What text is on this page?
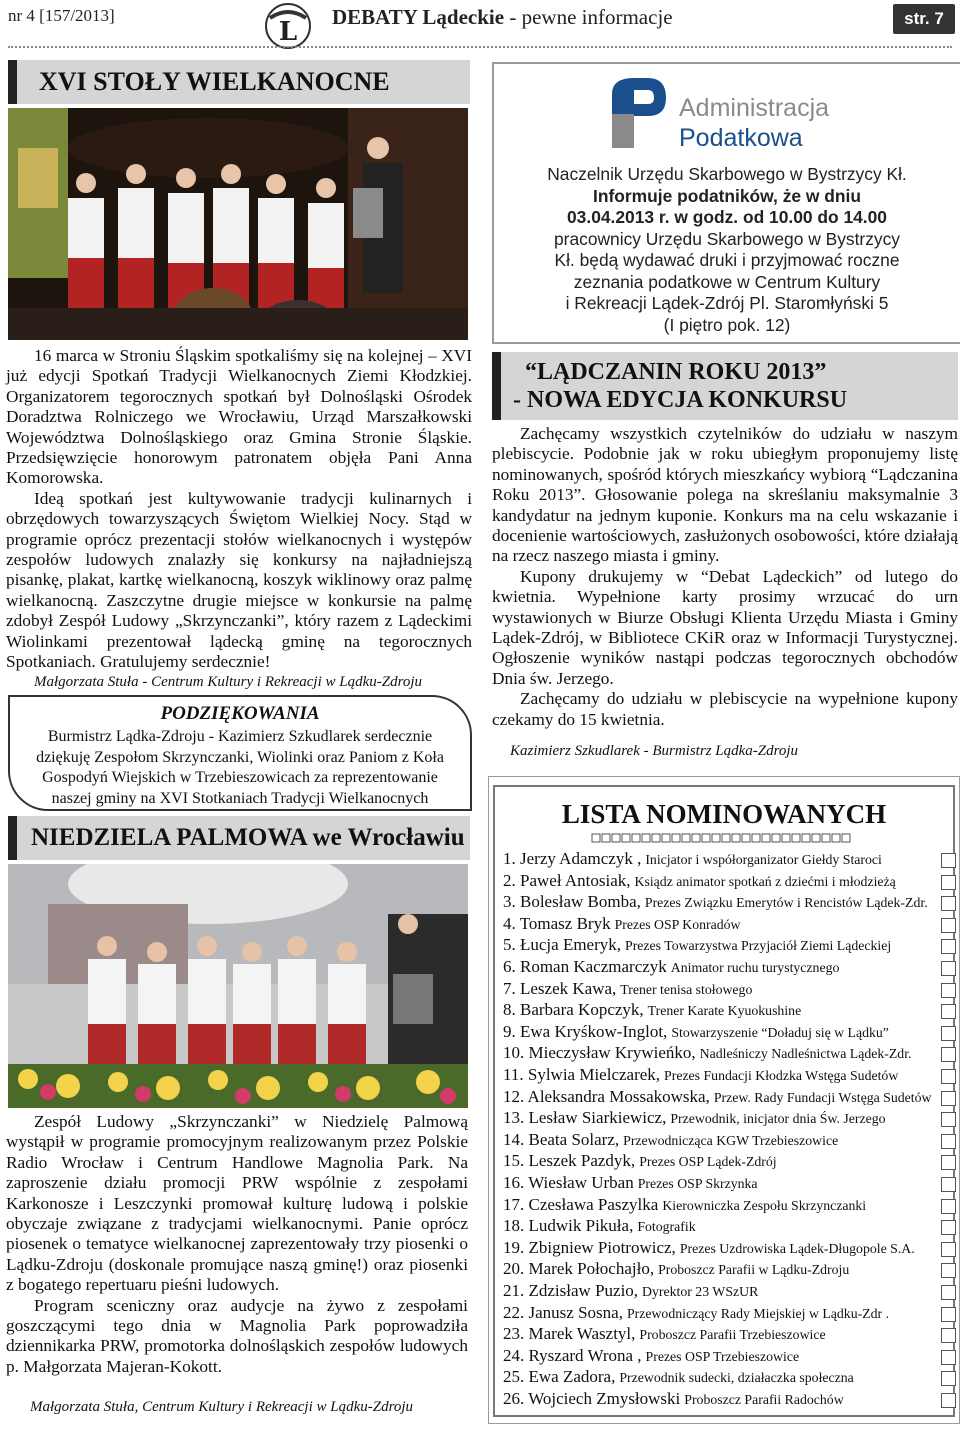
nr 4 [157/2013]
L DEBATY Lądeckie - pewne informacje	str. 7
XVI STOŁY WIELKANOCNE

16 marca w Stroniu Śląskim spotkaliśmy się na kolejnej – XVI już edycji Spotkań Tradycji Wielkanocnych Ziemi Kłodzkiej. Organizatorem tegorocznych spotkań był Dolnośląski Ośrodek Doradztwa Rolniczego we Wrocławiu, Urząd Marszałkowski Województwa Dolnośląskiego oraz Gmina Stronie Śląskie. Przedsięwzięcie honorowym patronatem objęła Pani Anna Komorowska.

Ideą spotkań jest kultywowanie tradycji kulinarnych i obrzędowych towarzyszących Świętom Wielkiej Nocy. Stąd w programie oprócz prezentacji stołów wielkanocnych i występów zespołów ludowych znalazły się konkursy na najładniejszą pisankę, plakat, kartkę wielkanocną, koszyk wiklinowy oraz palmę wielkanocną. Zaszczytne drugie miejsce w konkursie na palmę zdobył Zespół Ludowy „Skrzynczanki”, który razem z Lądeckimi Wiolinkami prezentował lądecką gminę na tegorocznych Spotkaniach. Gratulujemy serdecznie!

Małgorzata Stuła - Centrum Kultury i Rekreacji w Lądku-Zdroju
PODZIĘKOWANIA
Burmistrz Lądka-Zdroju - Kazimierz Szkudlarek serdecznie dziękuję Zespołom Skrzynczanki, Wiolinki oraz Paniom z Koła Gospodyń Wiejskich w Trzebieszowicach za reprezentowanie naszej gminy na XVI Stotkaniach Tradycji Wielkanocnych
NIEDZIELA PALMOWA we Wrocławiu

Zespół Ludowy „Skrzynczanki” w Niedzielę Palmową wystąpił w programie promocyjnym realizowanym przez Polskie Radio Wrocław i Centrum Handlowe Magnolia Park. Na zaproszenie działu promocji PRW wspólnie z zespołami Karkonosze i Leszczynki promował kulturę ludową i polskie obyczaje związane z tradycjami wielkanocnymi. Panie oprócz piosenek o tematyce wielkanocnej zaprezentowały trzy piosenki o Lądku-Zdroju (doskonale promujące naszą gminę!) oraz piosenki z bogatego repertuaru pieśni ludowych.

Program sceniczny oraz audycje na żywo z zespołami goszczącymi tego dnia w Magnolia Park poprowadziła dziennikarka PRW, promotorka dolnośląskich zespołów ludowych p. Małgorzata Majeran-Kokott.

Małgorzata Stuła, Centrum Kultury i Rekreacji w Lądku-Zdroju
Administracja
Podatkowa
Naczelnik Urzędu Skarbowego w Bystrzycy Kł.
Informuje podatników, że w dniu
03.04.2013 r. w godz. od 10.00 do 14.00
pracownicy Urzędu Skarbowego w Bystrzycy
Kł. będą wydawać druki i przyjmować roczne
zeznania podatkowe w Centrum Kultury
i Rekreacji Lądek-Zdrój Pl. Staromłyński 5
(I piętro pok. 12)
“LĄDCZANIN ROKU 2013”
- NOWA EDYCJA KONKURSU

Zachęcamy wszystkich czytelników do udziału w naszym plebiscycie. Podobnie jak w roku ubiegłym proponujemy listę nominowanych, spośród których mieszkańcy wybiorą “Lądczanina Roku 2013”. Głosowanie polega na skreślaniu maksymalnie 3 kandydatur na jednym kuponie. Konkurs ma na celu wskazanie i docenienie wartościowych, zasłużonych osobowości, które działają na rzecz naszego miasta i gminy.

Kupony drukujemy w “Debat Lądeckich” od lutego do kwietnia. Wypełnione karty prosimy wrzucać do urn wystawionych w Biurze Obsługi Klienta Urzędu Miasta i Gminy Lądek-Zdrój, w Bibliotece CKiR oraz w Informacji Turystycznej. Ogłoszenie wyników nastąpi podczas tegorocznych obchodów Dnia św. Jerzego.

Zachęcamy do udziału w plebiscycie na wypełnione kupony czekamy do 15 kwietnia.

Kazimierz Szkudlarek - Burmistrz Lądka-Zdroju
LISTA NOMINOWANYCH
1. Jerzy Adamczyk , Inicjator i współorganizator Giełdy Staroci
2. Paweł Antosiak, Ksiądz animator spotkań z dziećmi i młodzieżą
3. Bolesław Bomba, Prezes Związku Emerytów i Rencistów Lądek-Zdr.
4. Tomasz Bryk Prezes OSP Konradów
5. Łucja Emeryk, Prezes Towarzystwa Przyjaciół Ziemi Lądeckiej
6. Roman Kaczmarczyk Animator ruchu turystycznego
7. Leszek Kawa, Trener tenisa stołowego
8. Barbara Kopczyk, Trener Karate Kyuokushine
9. Ewa Kryśkow-Inglot, Stowarzyszenie “Doładuj się w Lądku”
10. Mieczysław Krywieńko, Nadleśniczy Nadleśnictwa Lądek-Zdr.
11. Sylwia Mielczarek, Prezes Fundacji Kłodzka Wstęga Sudetów
12. Aleksandra Mossakowska, Przew. Rady Fundacji Wstęga Sudetów
13. Lesław Siarkiewicz, Przewodnik, inicjator dnia Św. Jerzego
14. Beata Solarz, Przewodnicząca KGW Trzebieszowice
15. Leszek Pazdyk, Prezes OSP Lądek-Zdrój
16. Wiesław Urban Prezes OSP Skrzynka
17. Czesława Paszylka Kierowniczka Zespołu Skrzynczanki
18. Ludwik Pikuła, Fotografik
19. Zbigniew Piotrowicz, Prezes Uzdrowiska Lądek-Długopole S.A.
20. Marek Połochajło, Proboszcz Parafii w Lądku-Zdroju
21. Zdzisław Puzio, Dyrektor 23 WSzUR
22. Janusz Sosna, Przewodniczący Rady Miejskiej w Lądku-Zdr .
23. Marek Wasztyl, Proboszcz Parafii Trzebieszowice
24. Ryszard Wrona , Prezes OSP Trzebieszowice
25. Ewa Zadora, Przewodnik sudecki, działaczka społeczna
26. Wojciech Zmysłowski Proboszcz Parafii Radochów
